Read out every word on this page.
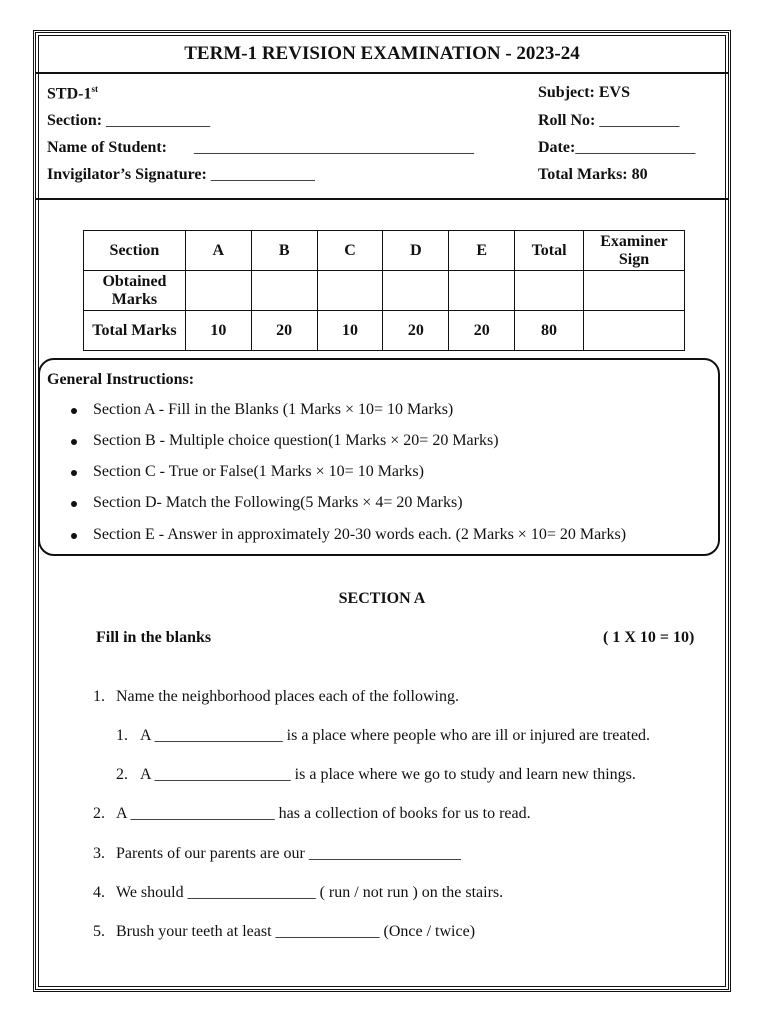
TERM-1 REVISION EXAMINATION - 2023-24
STD-1st	Subject: EVS
Section: _____________	Roll No: __________
Name of Student: ___________________________________	Date:_______________
Invigilator’s Signature: _____________	Total Marks: 80
Section	A	B	C	D	E	Total	Examiner Sign
Obtained Marks							
Total Marks	10	20	10	20	20	80	
General Instructions:
Section A - Fill in the Blanks (1 Marks × 10= 10 Marks)
Section B - Multiple choice question(1 Marks × 20= 20 Marks)
Section C - True or False(1 Marks × 10= 10 Marks)
Section D- Match the Following(5 Marks × 4= 20 Marks)
Section E - Answer in approximately 20-30 words each. (2 Marks × 10= 20 Marks)
SECTION A
Fill in the blanks	( 1 X 10 = 10)
1. Name the neighborhood places each of the following.
1. A ________________ is a place where people who are ill or injured are treated.
2. A _________________ is a place where we go to study and learn new things.
2. A __________________ has a collection of books for us to read.
3. Parents of our parents are our ___________________
4. We should ________________ ( run / not run ) on the stairs.
5. Brush your teeth at least _____________ (Once / twice)
